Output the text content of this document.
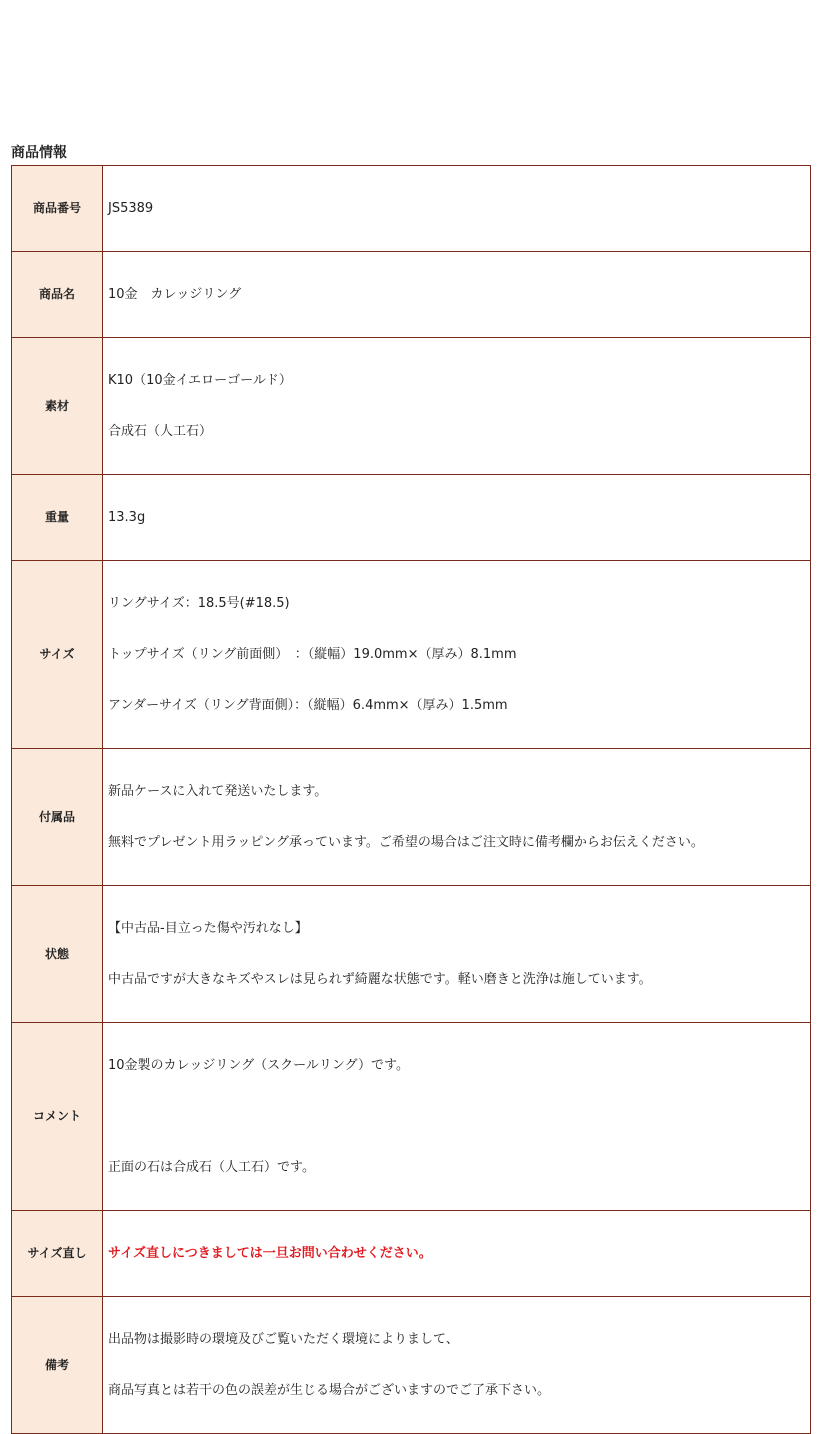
商品情報
商品番号	JS5389

商品名	10金　カレッジリング

素材	K10（10金イエローゴールド）

合成石（人工石）

重量	13.3g

サイズ	リングサイズ：18.5号(#18.5)

トップサイズ（リング前面側）　：（縦幅）19.0mm×（厚み）8.1mm

アンダーサイズ（リング背面側）：（縦幅）6.4mm×（厚み）1.5mm

付属品	新品ケースに入れて発送いたします。

無料でプレゼント用ラッピング承っています。ご希望の場合はご注文時に備考欄からお伝えください。

状態	【中古品-目立った傷や汚れなし】

中古品ですが大きなキズやスレは見られず綺麗な状態です。軽い磨きと洗浄は施しています。

コメント	10金製のカレッジリング（スクールリング）です。

正面の石は合成石（人工石）です。

サイズ直し	サイズ直しにつきましては一旦お問い合わせください。

備考	出品物は撮影時の環境及びご覧いただく環境によりまして、

商品写真とは若干の色の誤差が生じる場合がございますのでご了承下さい。
